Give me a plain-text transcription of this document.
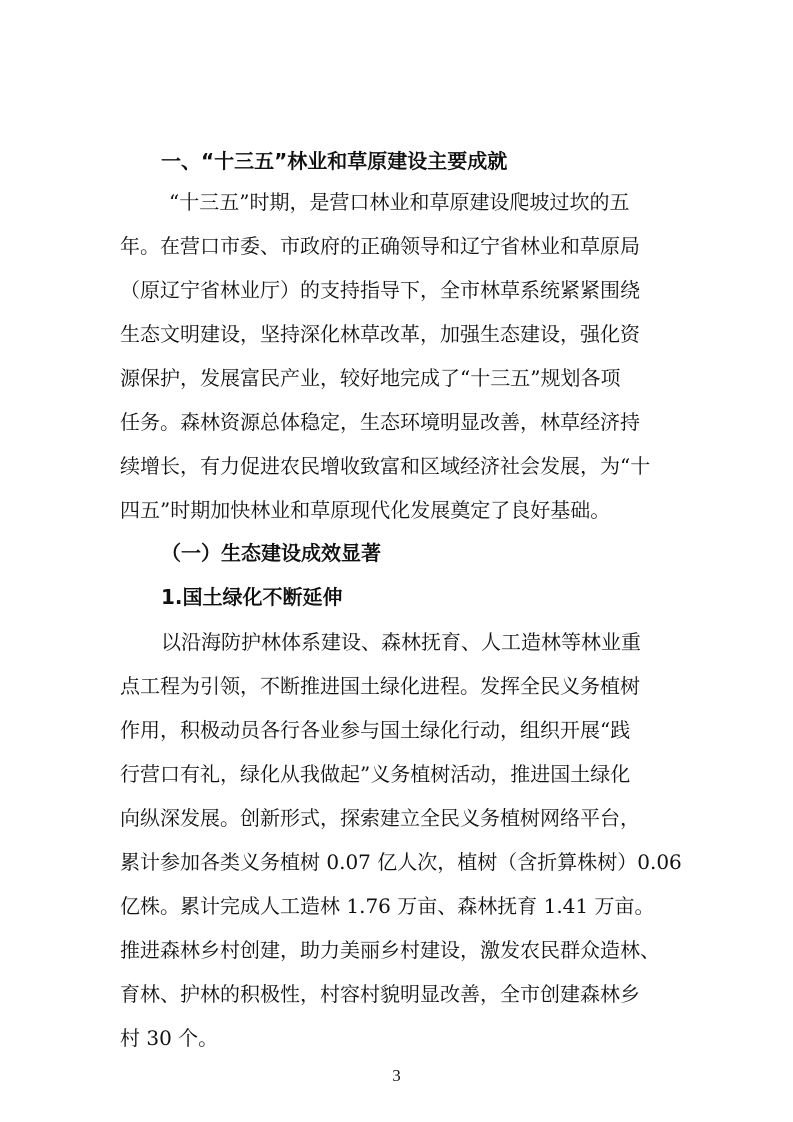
一、“十三五”林业和草原建设主要成就
“十三五”时期，是营口林业和草原建设爬坡过坎的五
年。在营口市委、市政府的正确领导和辽宁省林业和草原局
（原辽宁省林业厅）的支持指导下，全市林草系统紧紧围绕
生态文明建设，坚持深化林草改革，加强生态建设，强化资
源保护，发展富民产业，较好地完成了“十三五”规划各项
任务。森林资源总体稳定，生态环境明显改善，林草经济持
续增长，有力促进农民增收致富和区域经济社会发展，为“十
四五”时期加快林业和草原现代化发展奠定了良好基础。
（一）生态建设成效显著
1.国土绿化不断延伸
以沿海防护林体系建设、森林抚育、人工造林等林业重
点工程为引领，不断推进国土绿化进程。发挥全民义务植树
作用，积极动员各行各业参与国土绿化行动，组织开展“践
行营口有礼，绿化从我做起”义务植树活动，推进国土绿化
向纵深发展。创新形式，探索建立全民义务植树网络平台，
累计参加各类义务植树 0.07 亿人次，植树（含折算株树）0.06
亿株。累计完成人工造林 1.76 万亩、森林抚育 1.41 万亩。
推进森林乡村创建，助力美丽乡村建设，激发农民群众造林、
育林、护林的积极性，村容村貌明显改善，全市创建森林乡
村 30 个。
3
